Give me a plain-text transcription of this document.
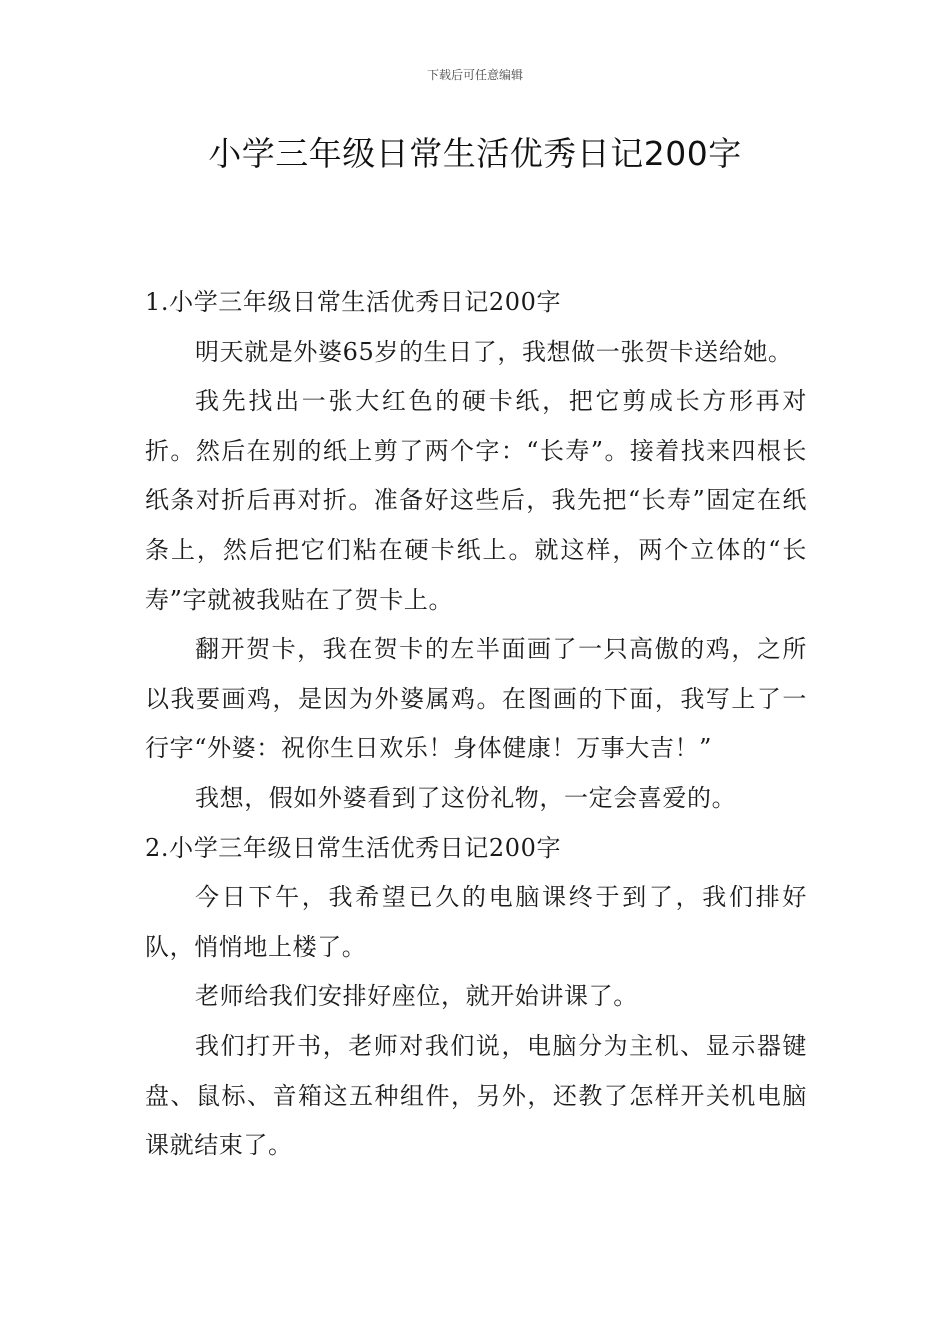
下载后可任意编辑
小学三年级日常生活优秀日记200字

1.小学三年级日常生活优秀日记200字

明天就是外婆65岁的生日了，我想做一张贺卡送给她。

我先找出一张大红色的硬卡纸，把它剪成长方形再对折。然后在别的纸上剪了两个字：“长寿”。接着找来四根长纸条对折后再对折。准备好这些后，我先把“长寿”固定在纸条上，然后把它们粘在硬卡纸上。就这样，两个立体的“长寿”字就被我贴在了贺卡上。

翻开贺卡，我在贺卡的左半面画了一只高傲的鸡，之所以我要画鸡，是因为外婆属鸡。在图画的下面，我写上了一行字“外婆：祝你生日欢乐！身体健康！万事大吉！”

我想，假如外婆看到了这份礼物，一定会喜爱的。

2.小学三年级日常生活优秀日记200字

今日下午，我希望已久的电脑课终于到了，我们排好队，悄悄地上楼了。

老师给我们安排好座位，就开始讲课了。

我们打开书，老师对我们说，电脑分为主机、显示器键盘、鼠标、音箱这五种组件，另外，还教了怎样开关机电脑课就结束了。
